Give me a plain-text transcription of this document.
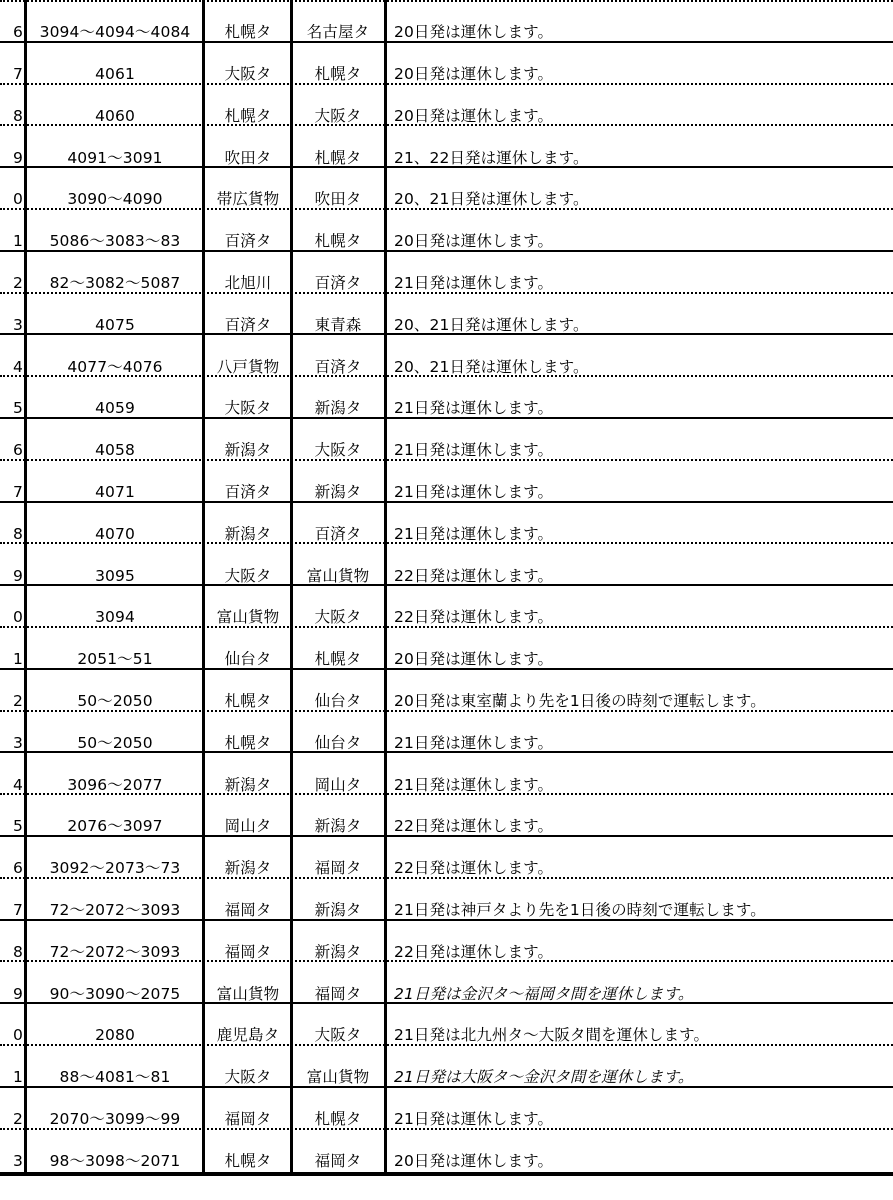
6 3094～4094～4084 札幌タ 名古屋タ 20日発は運休します。
7	4061	大阪タ	札幌タ 20日発は運休します。
8	4060	札幌タ	大阪タ 20日発は運休します。
9	4091～3091	吹田タ	札幌タ 21、22日発は運休します。
0	3090～4090	帯広貨物 吹田タ 20、21日発は運休します。
1 5086～3083～83	百済タ	札幌タ 20日発は運休します。
2 82～3082～5087	北旭川	百済タ 21日発は運休します。
3	4075	百済タ	東青森 20、21日発は運休します。
4	4077～4076	八戸貨物 百済タ 20、21日発は運休します。
5	4059	大阪タ	新潟タ 21日発は運休します。
6	4058	新潟タ	大阪タ 21日発は運休します。
7	4071	百済タ	新潟タ 21日発は運休します。
8	4070	新潟タ	百済タ 21日発は運休します。
9	3095	大阪タ 富山貨物 22日発は運休します。
0	3094	富山貨物 大阪タ 22日発は運休します。
1	2051～51	仙台タ	札幌タ 20日発は運休します。
2	50～2050	札幌タ	仙台タ 20日発は東室蘭より先を1日後の時刻で運転します。
3	50～2050	札幌タ	仙台タ 21日発は運休します。
4	3096～2077	新潟タ	岡山タ 21日発は運休します。
5	2076～3097	岡山タ	新潟タ 22日発は運休します。
6 3092～2073～73	新潟タ	福岡タ 22日発は運休します。
7 72～2072～3093	福岡タ	新潟タ 21日発は神戸タより先を1日後の時刻で運転します。
8 72～2072～3093	福岡タ	新潟タ 22日発は運休します。
9 90～3090～2075 富山貨物 福岡タ 21日発は金沢タ～福岡タ間を運休します。
0	2080	鹿児島タ 大阪タ 21日発は北九州タ～大阪タ間を運休します。
1 88～4081～81	大阪タ 富山貨物 21日発は大阪タ～金沢タ間を運休します。
2 2070～3099～99	福岡タ	札幌タ 21日発は運休します。
3 98～3098～2071	札幌タ	福岡タ 20日発は運休します。
